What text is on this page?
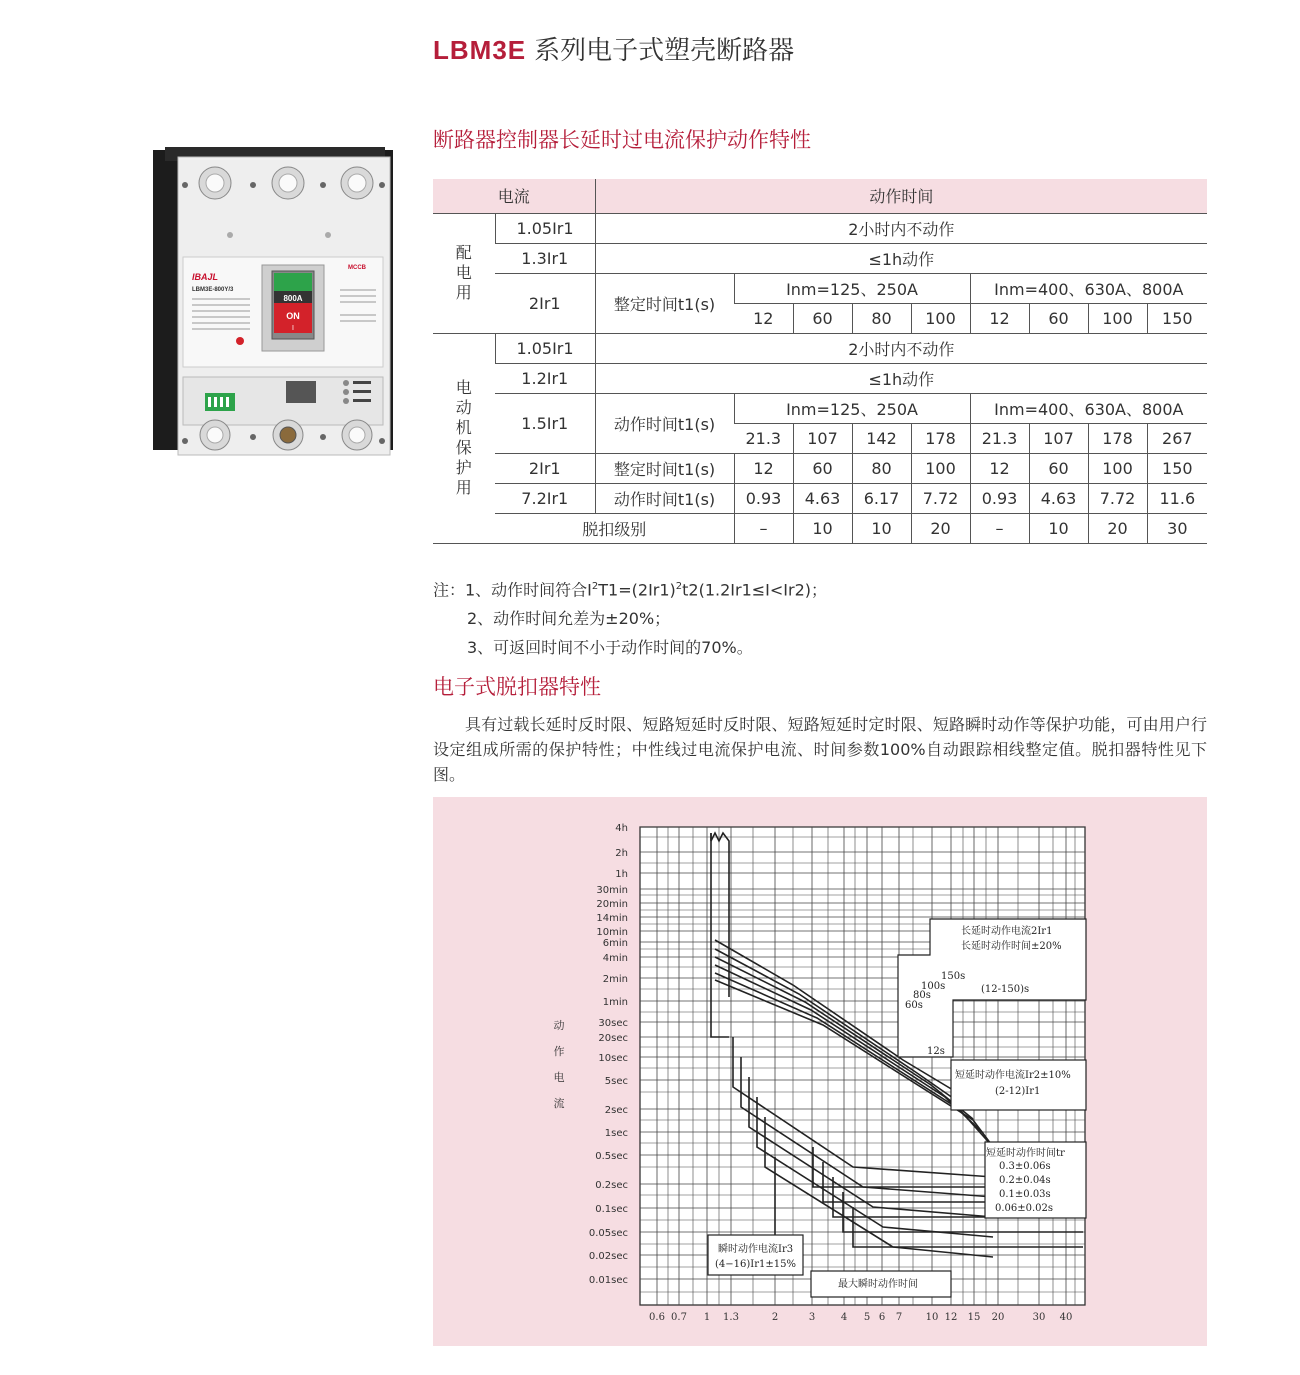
LBM3E 系列电子式塑壳断路器
800A
ON
I
IBAJL
LBM3E-800Y/3
MCCB
断路器控制器长延时过电流保护动作特性
电流		动作时间								
配电用	1.05Ir1	2小时内不动作								
	1.3Ir1	≤1h动作								
	2Ir1	整定时间t1(s)	Inm=125、250A				Inm=400、630A、800A			
			12	60	80	100	12	60	100	150
电动机保护用	1.05Ir1	2小时内不动作								
	1.2Ir1	≤1h动作								
	1.5Ir1	动作时间t1(s)	Inm=125、250A				Inm=400、630A、800A			
			21.3	107	142	178	21.3	107	178	267
	2Ir1	整定时间t1(s)	12	60	80	100	12	60	100	150
	7.2Ir1	动作时间t1(s)	0.93	4.63	6.17	7.72	0.93	4.63	7.72	11.6
	脱扣级别		–	10	10	20	–	10	20	30
注：1、动作时间符合$I^2T1=(2Ir1)^2t2(1.2Ir1\le I<Ir2)$；
2、动作时间允差为±20%；
3、可返回时间不小于动作时间的70%。
电子式脱扣器特性
具有过载长延时反时限、短路短延时反时限、短路短延时定时限、短路瞬时动作等保护功能，可由用户行设定组成所需的保护特性；中性线过电流保护电流、时间参数100%自动跟踪相线整定值。脱扣器特性见下图。
4h
2h
1h
30min
20min
14min
10min
6min
4min
2min
1min
30sec
20sec
10sec
5sec
2sec
1sec
0.5sec
0.2sec
0.1sec
0.05sec
0.02sec
0.01sec
0.6 0.7 1 1.3	2	3	4 5 6 7 10 12 15 20	30 40
长延时动作电流2Ir1
长延时动作时间±20%
150s
100s
80s
60s
(12-150)s
12s
短延时动作电流Ir2±10%
(2-12)Ir1
短延时动作时间tr
0.3±0.06s
0.2±0.04s
0.1±0.03s
0.06±0.02s
瞬时动作电流Ir3
(4−16)Ir1±15%
最大瞬时动作时间
动作电流
